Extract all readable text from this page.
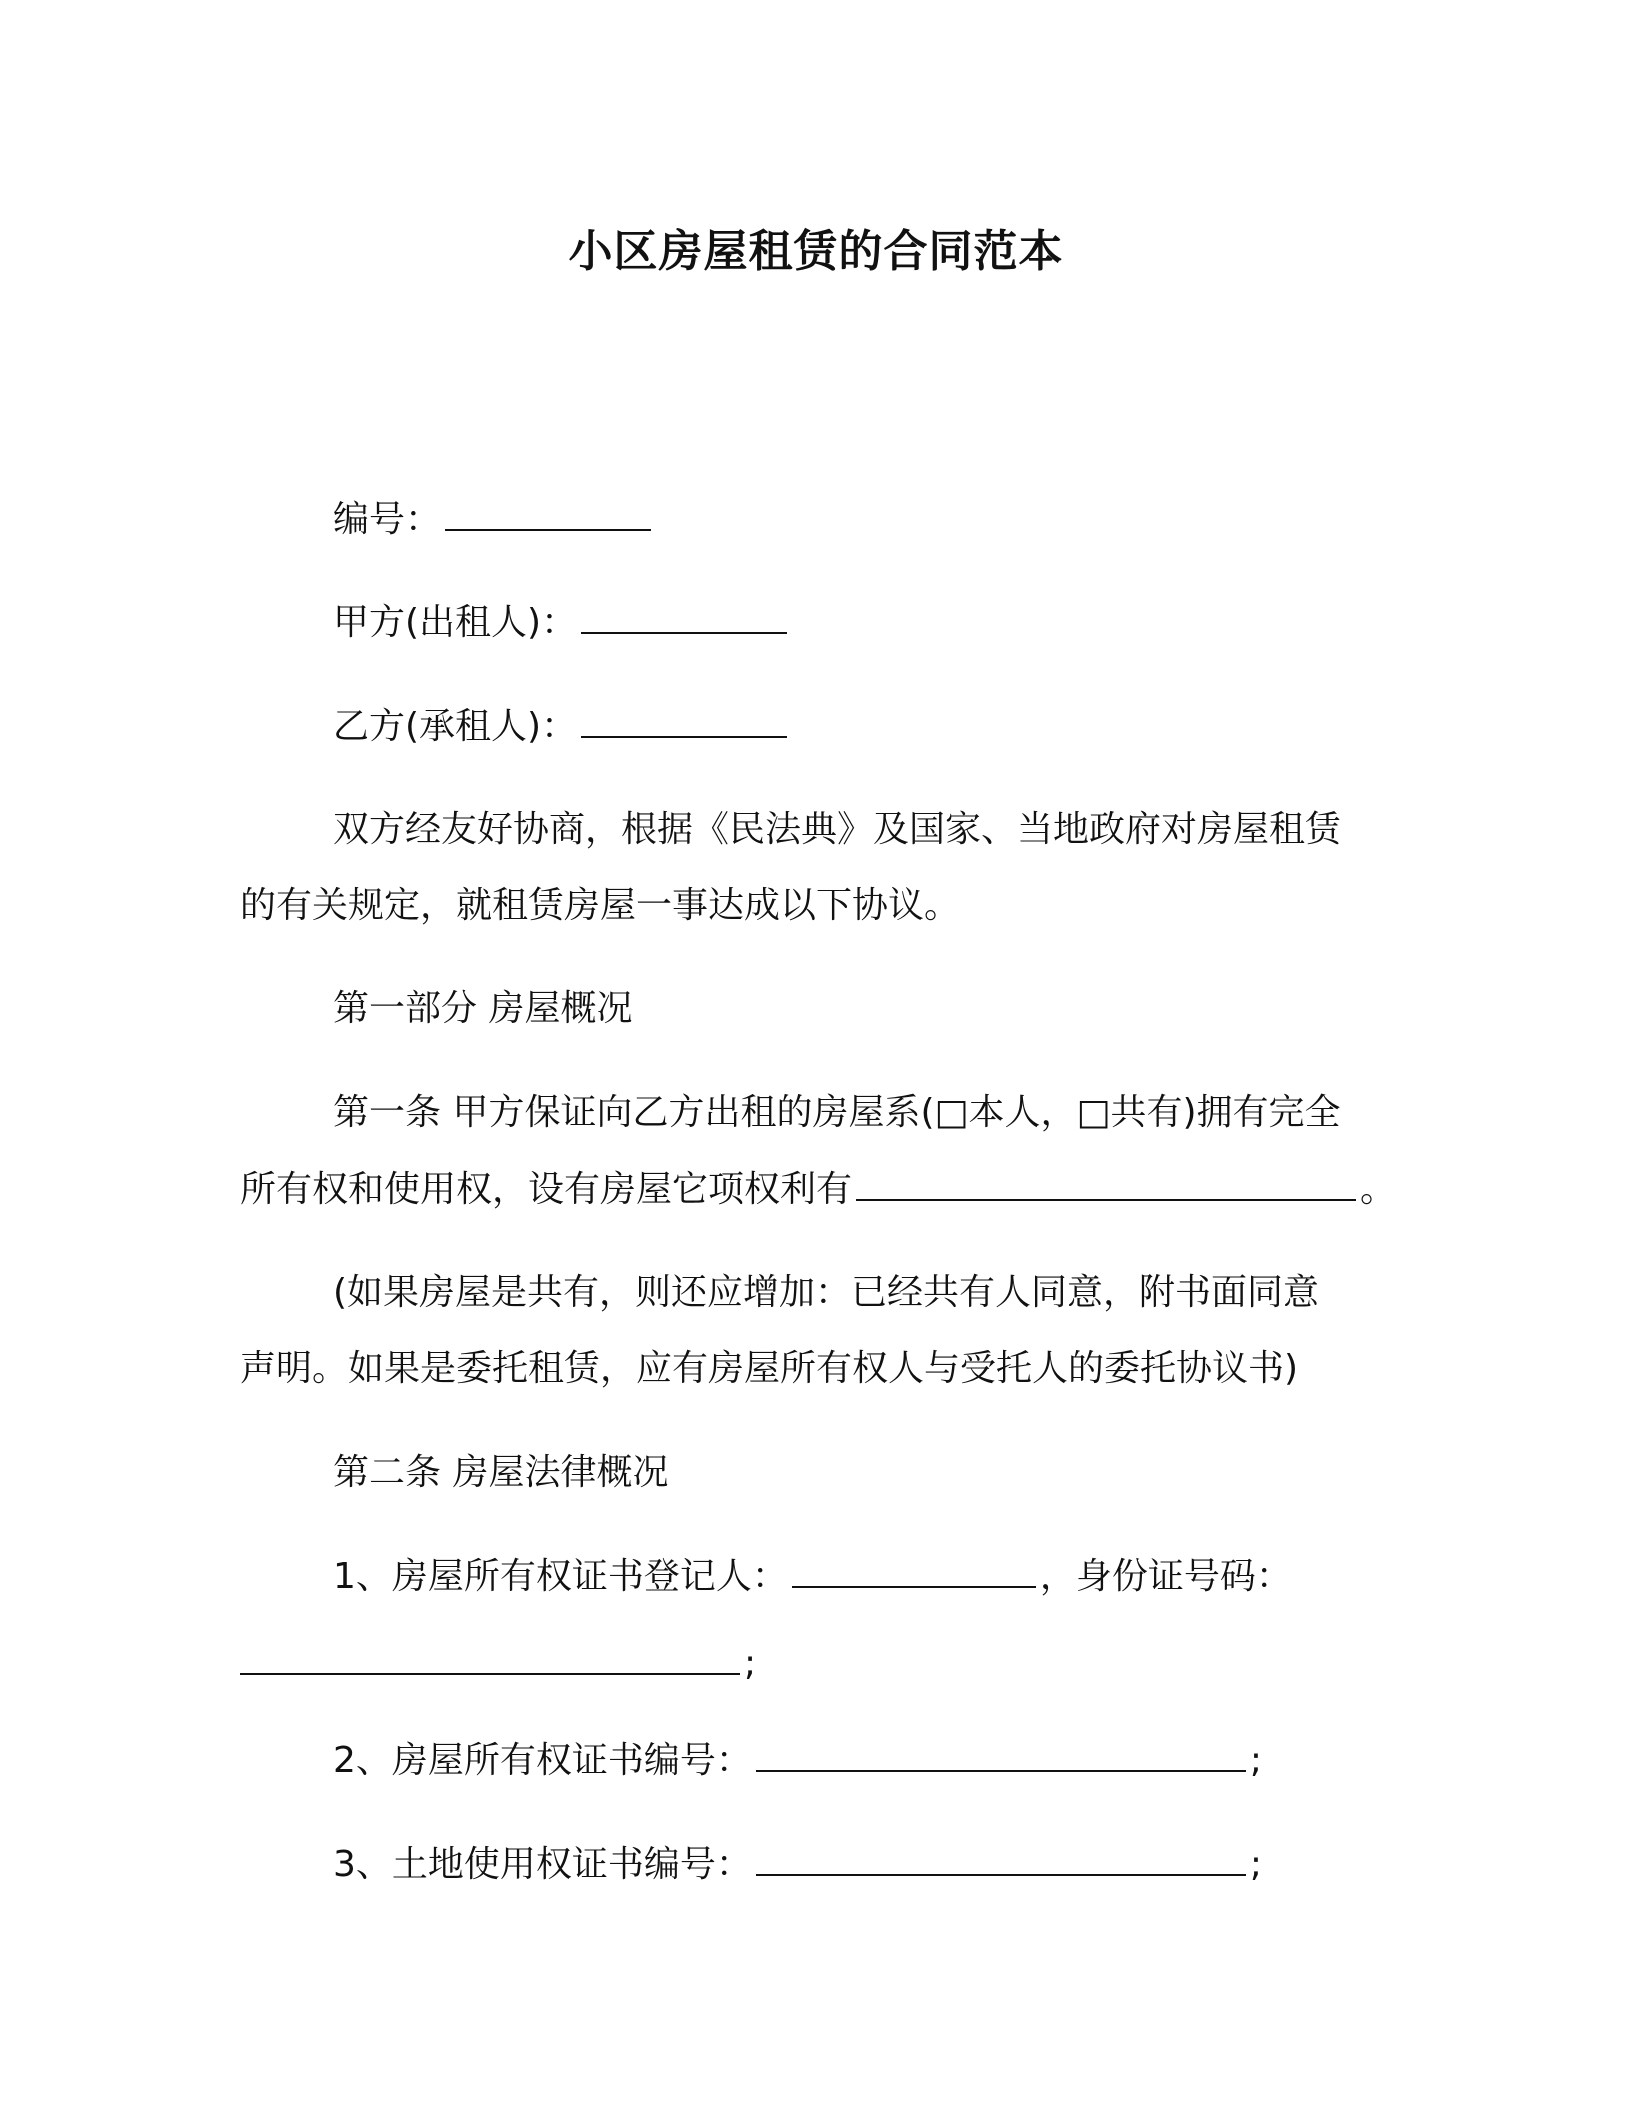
小区房屋租赁的合同范本
编号：
甲方(出租人)：
乙方(承租人)：
双方经友好协商，根据《民法典》及国家、当地政府对房屋租赁
的有关规定，就租赁房屋一事达成以下协议。
第一部分 房屋概况
第一条 甲方保证向乙方出租的房屋系(□本人，□共有)拥有完全
所有权和使用权，设有房屋它项权利有	。
(如果房屋是共有，则还应增加：已经共有人同意，附书面同意
声明。如果是委托租赁，应有房屋所有权人与受托人的委托协议书)
第二条 房屋法律概况
1、房屋所有权证书登记人：	，身份证号码：
;
2、房屋所有权证书编号：	;
3、土地使用权证书编号：	;
